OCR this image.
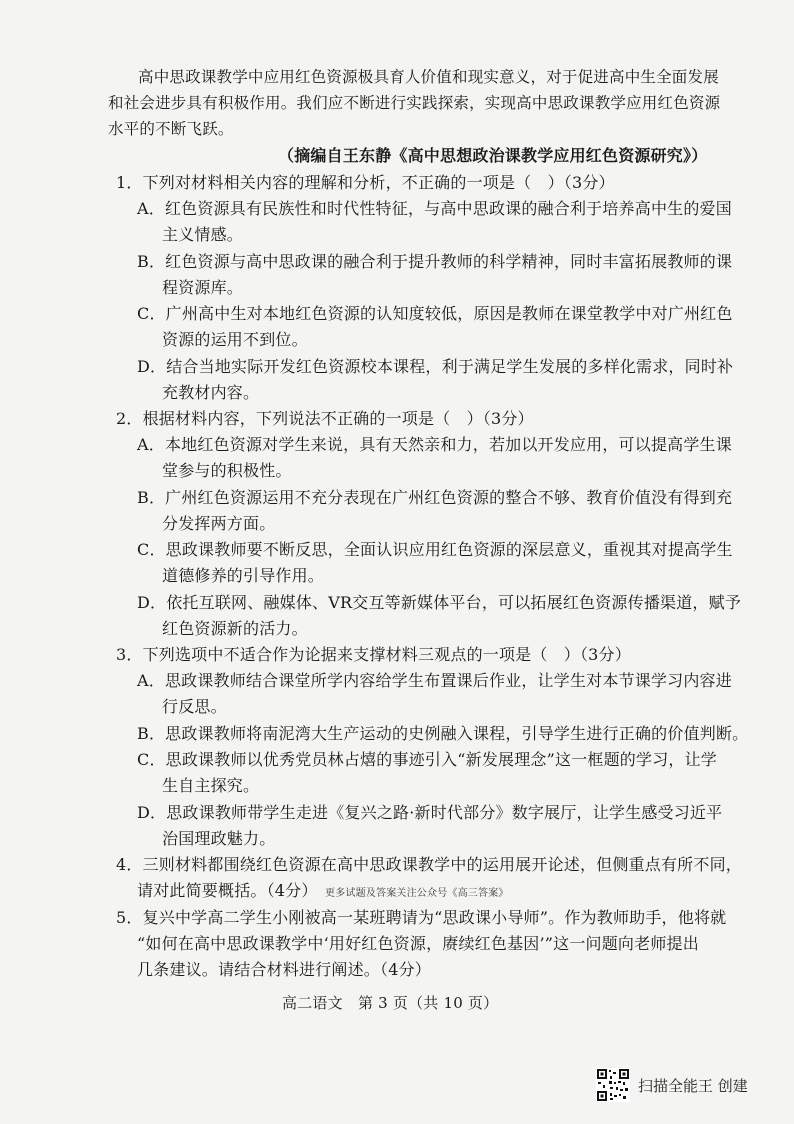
高中思政课教学中应用红色资源极具育人价值和现实意义，对于促进高中生全面发展
和社会进步具有积极作用。我们应不断进行实践探索，实现高中思政课教学应用红色资源
水平的不断飞跃。
（摘编自王东静《高中思想政治课教学应用红色资源研究》）
1．下列对材料相关内容的理解和分析，不正确的一项是（　）（3分）
A．红色资源具有民族性和时代性特征，与高中思政课的融合利于培养高中生的爱国
主义情感。
B．红色资源与高中思政课的融合利于提升教师的科学精神，同时丰富拓展教师的课
程资源库。
C．广州高中生对本地红色资源的认知度较低，原因是教师在课堂教学中对广州红色
资源的运用不到位。
D．结合当地实际开发红色资源校本课程，利于满足学生发展的多样化需求，同时补
充教材内容。
2．根据材料内容，下列说法不正确的一项是（　）（3分）
A．本地红色资源对学生来说，具有天然亲和力，若加以开发应用，可以提高学生课
堂参与的积极性。
B．广州红色资源运用不充分表现在广州红色资源的整合不够、教育价值没有得到充
分发挥两方面。
C．思政课教师要不断反思，全面认识应用红色资源的深层意义，重视其对提高学生
道德修养的引导作用。
D．依托互联网、融媒体、VR交互等新媒体平台，可以拓展红色资源传播渠道，赋予
红色资源新的活力。
3．下列选项中不适合作为论据来支撑材料三观点的一项是（　）（3分）
A．思政课教师结合课堂所学内容给学生布置课后作业，让学生对本节课学习内容进
行反思。
B．思政课教师将南泥湾大生产运动的史例融入课程，引导学生进行正确的价值判断。
C．思政课教师以优秀党员林占熺的事迹引入“新发展理念”这一框题的学习，让学
生自主探究。
D．思政课教师带学生走进《复兴之路·新时代部分》数字展厅，让学生感受习近平
治国理政魅力。
4．三则材料都围绕红色资源在高中思政课教学中的运用展开论述，但侧重点有所不同，
请对此简要概括。（4分） 更多试题及答案关注公众号《高三答案》
5．复兴中学高二学生小刚被高一某班聘请为“思政课小导师”。作为教师助手，他将就
“如何在高中思政课教学中‘用好红色资源，赓续红色基因’”这一问题向老师提出
几条建议。请结合材料进行阐述。（4分）
高二语文　第 3 页（共 10 页）
扫描全能王 创建
